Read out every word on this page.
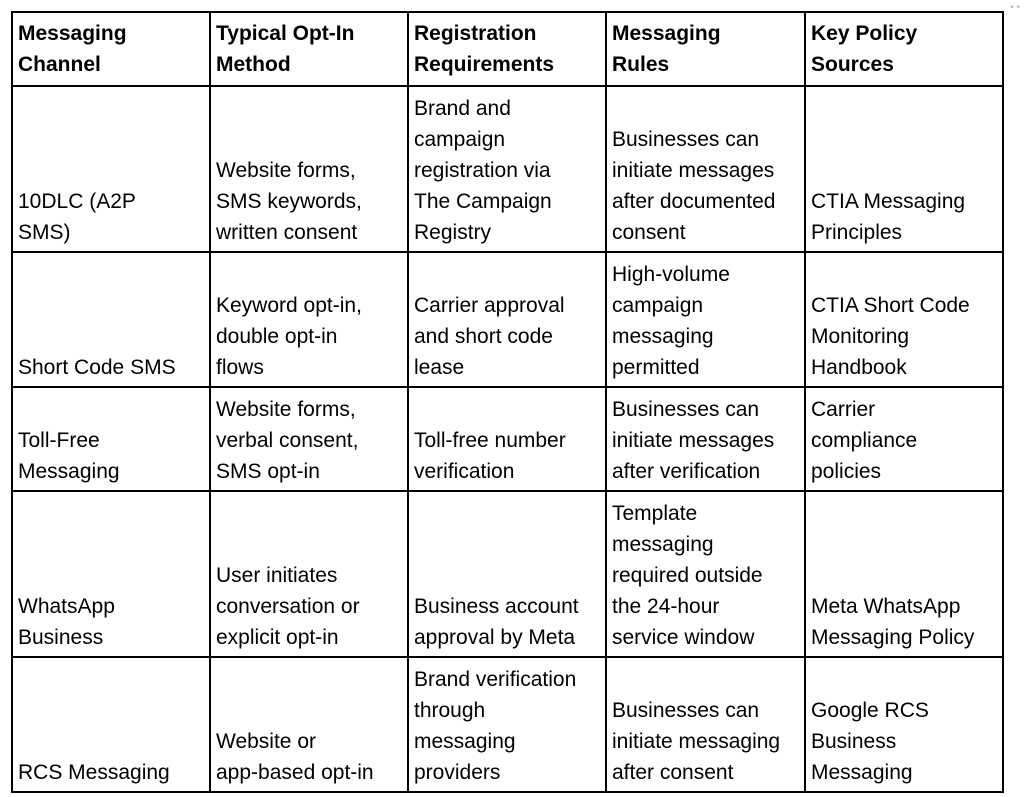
••
Messaging
Channel	Typical Opt-In
Method	Registration
Requirements	Messaging
Rules	Key Policy
Sources

10DLC (A2P
SMS)	Website forms,
SMS keywords,
written consent	Brand and
campaign
registration via
The Campaign
Registry	Businesses can
initiate messages
after documented
consent	CTIA Messaging
Principles

Short Code SMS	Keyword opt-in,
double opt-in
flows	Carrier approval
and short code
lease	High-volume
campaign
messaging
permitted	CTIA Short Code
Monitoring
Handbook

Toll-Free
Messaging	Website forms,
verbal consent,
SMS opt-in	Toll-free number
verification	Businesses can
initiate messages
after verification	Carrier
compliance
policies

WhatsApp
Business	User initiates
conversation or
explicit opt-in	Business account
approval by Meta	Template
messaging
required outside
the 24-hour
service window	Meta WhatsApp
Messaging Policy

RCS Messaging	Website or
app-based opt-in	Brand verification
through
messaging
providers	Businesses can
initiate messaging
after consent	Google RCS
Business
Messaging
